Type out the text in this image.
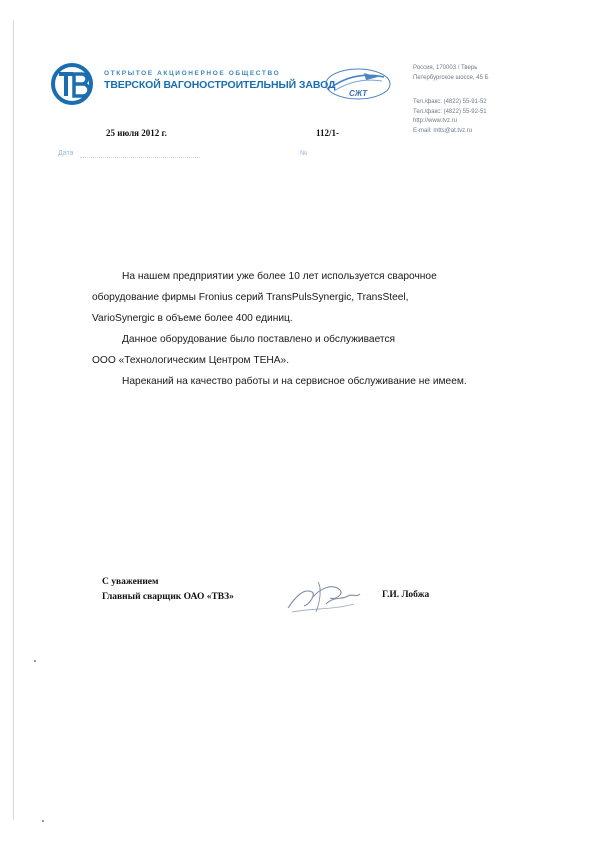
ОТКРЫТОЕ АКЦИОНЕРНОЕ ОБЩЕСТВО
ТВЕРСКОЙ ВАГОНОСТРОИТЕЛЬНЫЙ ЗАВОД
СЖТ
Россия, 170003 / Тверь
Петербургское шоссе, 45 Б
Тел./факс: (4822) 55-91-52
Тел./факс: (4822) 55-92-51
http://www.tvz.ru
E-mail: mtts@at.tvz.ru
25 июля 2012 г.	112/1-
Дата	№

На нашем предприятии уже более 10 лет используется сварочное

оборудование фирмы Fronius серий TransPulsSynergic, TransSteel,

VarioSynergic в объеме более 400 единиц.

Данное оборудование было поставлено и обслуживается

ООО «Технологическим Центром ТЕНА».

Нареканий на качество работы и на сервисное обслуживание не имеем.

С уважением
Главный сварщик ОАО «ТВЗ»	Г.И. Лобжа
